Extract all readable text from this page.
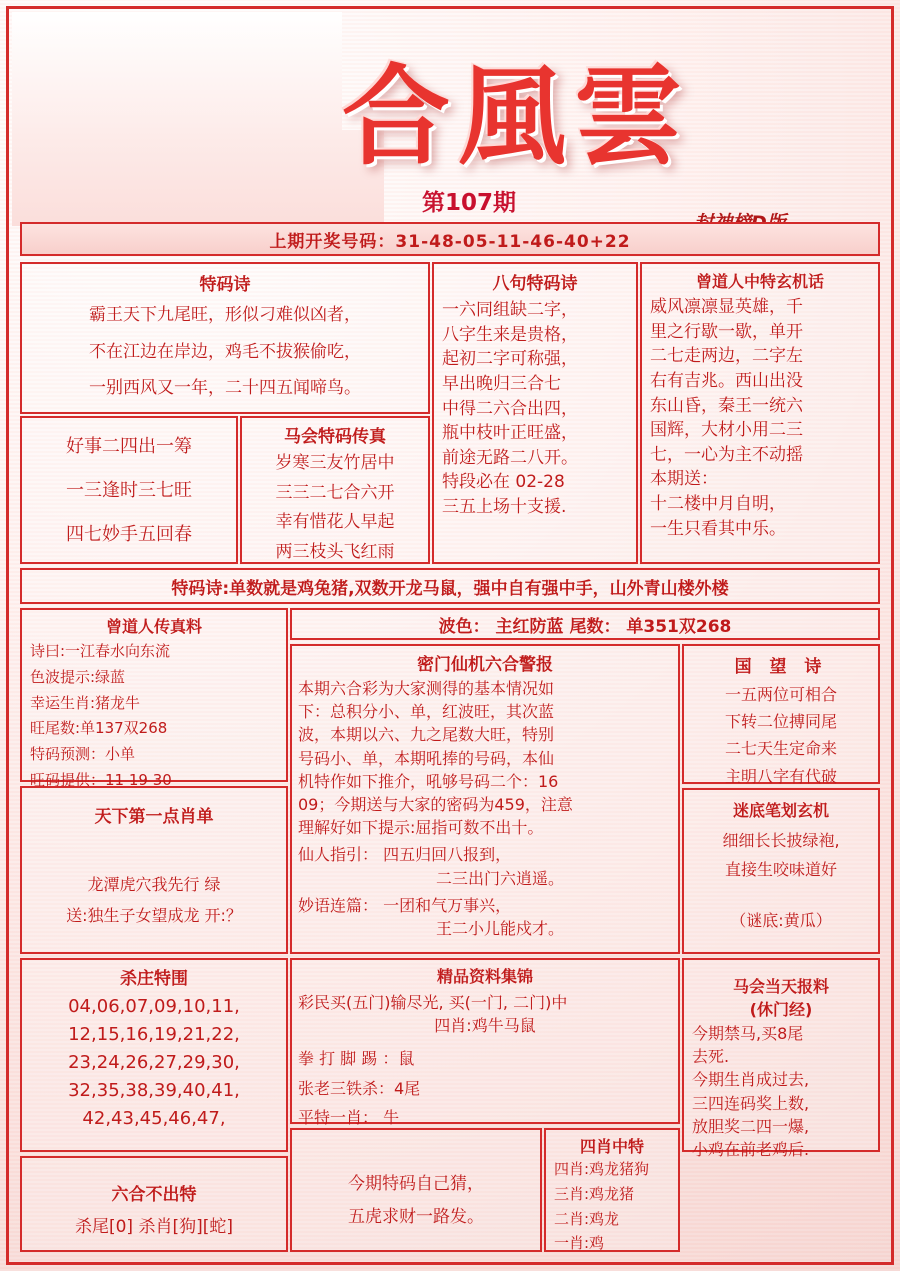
合風雲
第107期
上期开奖号码：31-48-05-11-46-40+22
特码诗
霸王天下九尾旺，形似刁难似凶者，
不在江边在岸边，鸡毛不拔猴偷吃，
一别西风又一年，二十四五闻啼鸟。
八句特码诗
一六同组缺二字，
八字生来是贵格，
起初二字可称强，
早出晚归三合七
中得二六合出四，
瓶中枝叶正旺盛，
前途无路二八开。
特段必在 02-28
三五上场十支援.
曾道人中特玄机话
威风凛凛显英雄，千
里之行歇一歇，单开
二七走两边，二字左
右有吉兆。西山出没
东山昏，秦王一统六
国辉，大材小用二三
七，一心为主不动摇
本期送：
十二楼中月自明，
一生只看其中乐。
好事二四出一筹
一三逢时三七旺
四七妙手五回春
马会特码传真
岁寒三友竹居中
三三二七合六开
幸有惜花人早起
两三枝头飞红雨
特码诗:单数就是鸡兔猪,双数开龙马鼠，强中自有强中手，山外青山楼外楼
曾道人传真料
诗曰:一江春水向东流
色波提示:绿蓝
幸运生肖:猪龙牛
旺尾数:单137双268
特码预测：小单
旺码提供：11 19 30
波色： 主红防蓝 尾数： 单351双268
密门仙机六合警报
本期六合彩为大家测得的基本情况如
下：总积分小、单，红波旺，其次蓝
波，本期以六、九之尾数大旺，特别
号码小、单，本期吼捧的号码，本仙
机特作如下推介，吼够号码二个：16
09；今期送与大家的密码为459，注意
理解好如下提示:屈指可数不出十。
仙人指引： 四五归回八报到，
二三出门六逍遥。
妙语连篇： 一团和气万事兴，
王二小儿能戍才。
国 望 诗
一五两位可相合
下转二位搏同尾
二七天生定命来
主明八字有代破
迷底笔划玄机
细细长长披绿袍,
直接生咬味道好
（谜底:黄瓜）
天下第一点肖单
龙潭虎穴我先行 绿
送:独生子女望成龙 开:？
杀庄特围
04,06,07,09,10,11,
12,15,16,19,21,22,
23,24,26,27,29,30,
32,35,38,39,40,41,
42,43,45,46,47,
精品资料集锦
彩民买(五门)输尽光, 买(一门, 二门)中
四肖:鸡牛马鼠
拳 打 脚 踢 ：鼠
张老三铁杀：4尾
平特一肖： 牛
马会当天报料
(休门经)
今期禁马,买8尾
去死.
今期生肖成过去,
三四连码奖上数,
放胆奖二四一爆,
小鸡在前老鸡后.
六合不出特
杀尾[0] 杀肖[狗][蛇]
今期特码自己猜，
五虎求财一路发。
四肖中特
四肖:鸡龙猪狗
三肖:鸡龙猪
二肖:鸡龙
一肖:鸡
